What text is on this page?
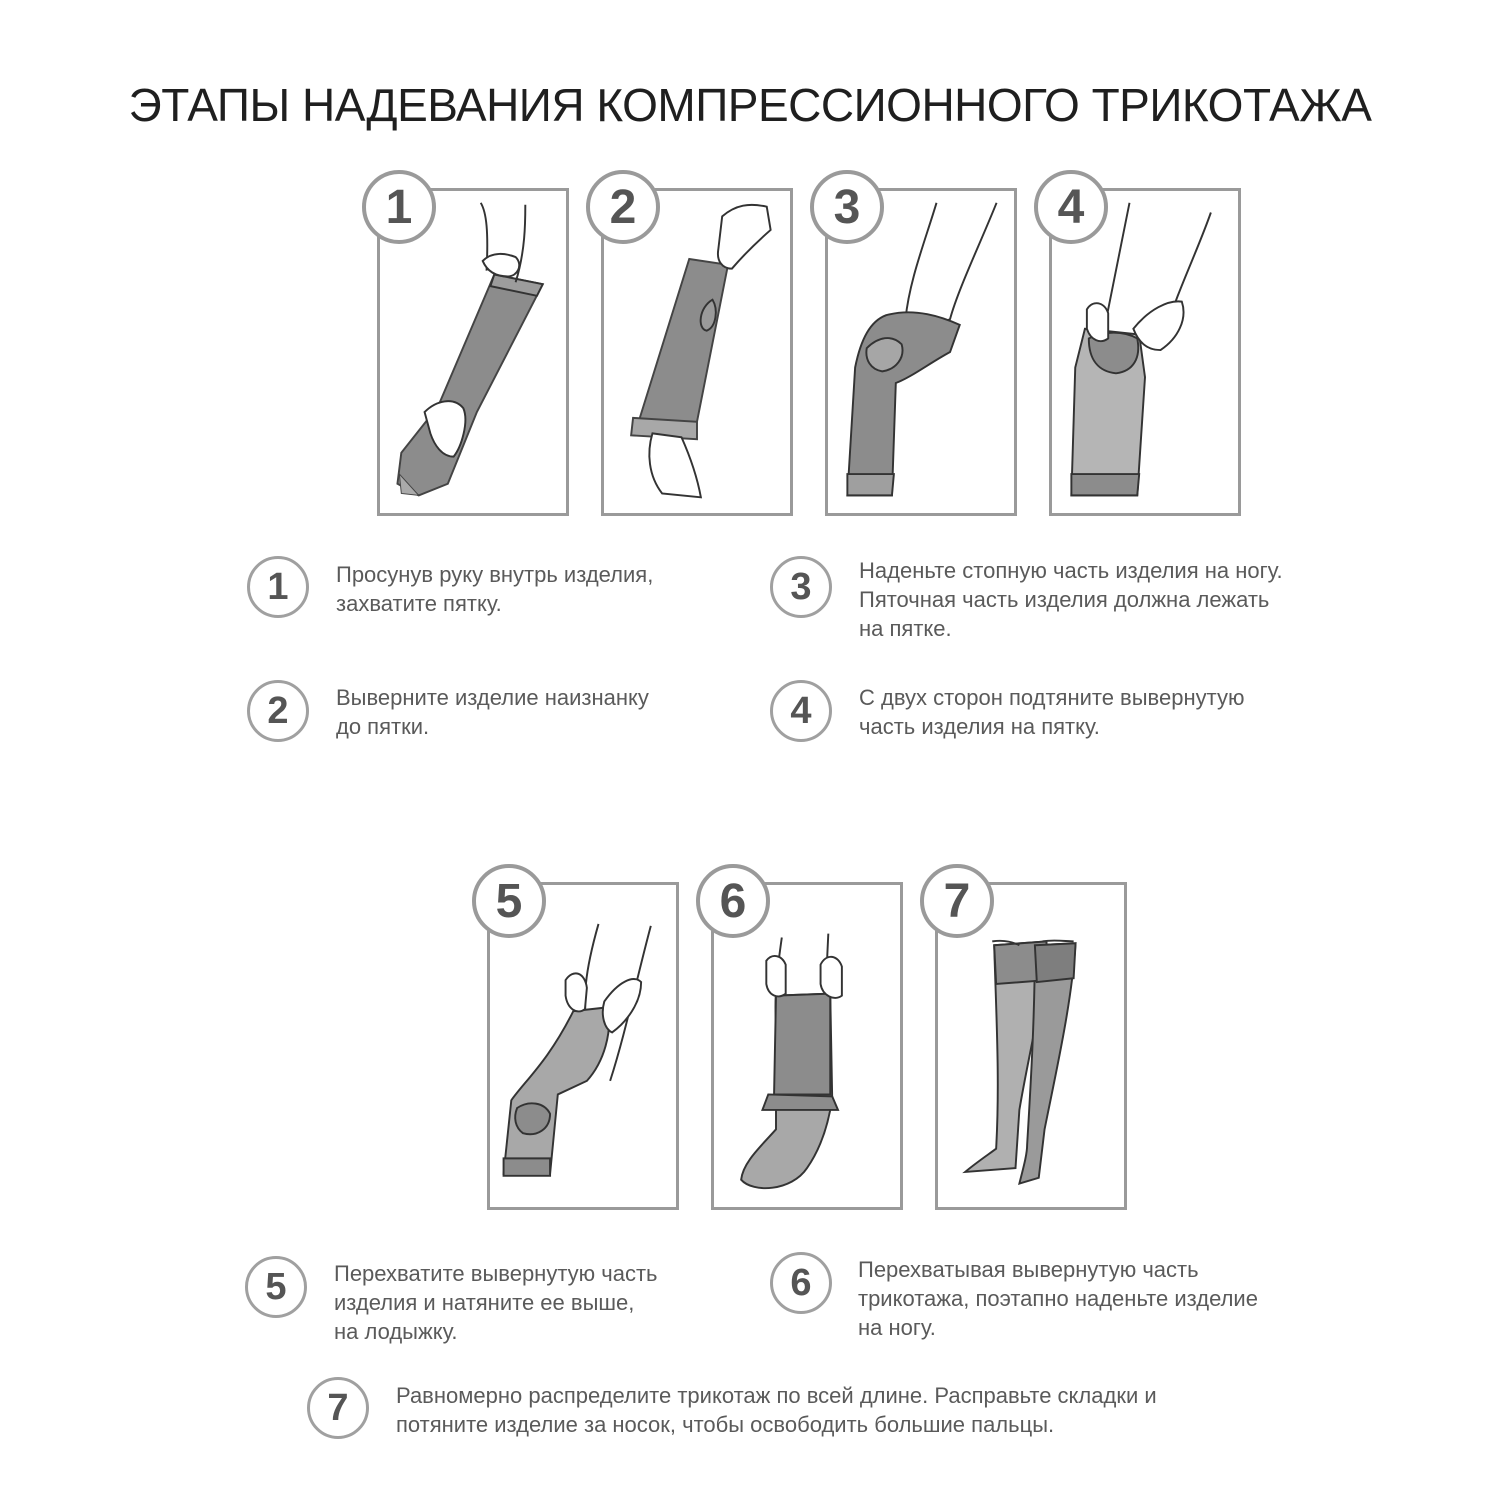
ЭТАПЫ НАДЕВАНИЯ КОМПРЕССИОННОГО ТРИКОТАЖА
1	2	3	4
1	Просунув руку внутрь изделия,
захватите пятку.	3	Наденьте стопную часть изделия на ногу.
Пяточная часть изделия должна лежать
на пятке.
2	Выверните изделие наизнанку
до пятки.	4	С двух сторон подтяните вывернутую
часть изделия на пятку.
5	6	7
5	Перехватите вывернутую часть
изделия и натяните ее выше,
на лодыжку.
6	Перехватывая вывернутую часть
трикотажа, поэтапно наденьте изделие
на ногу.
7	Равномерно распределите трикотаж по всей длине. Расправьте складки и
потяните изделие за носок, чтобы освободить большие пальцы.
